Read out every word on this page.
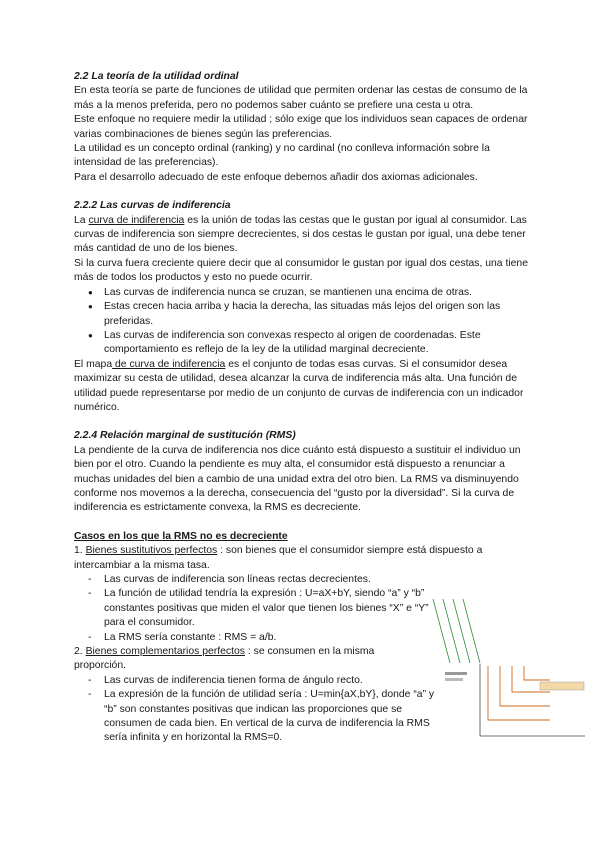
2.2 La teoría de la utilidad ordinal

En esta teoría se parte de funciones de utilidad que permiten ordenar las cestas de consumo de la más a la menos preferida, pero no podemos saber cuánto se prefiere una cesta u otra.

Este enfoque no requiere medir la utilidad ; sólo exige que los individuos sean capaces de ordenar varias combinaciones de bienes según las preferencias.

La utilidad es un concepto ordinal (ranking) y no cardinal (no conlleva información sobre la intensidad de las preferencias).

Para el desarrollo adecuado de este enfoque debemos añadir dos axiomas adicionales.

2.2.2 Las curvas de indiferencia

La curva de indiferencia es la unión de todas las cestas que le gustan por igual al consumidor. Las curvas de indiferencia son siempre decrecientes, si dos cestas le gustan por igual, una debe tener más cantidad de uno de los bienes.

Si la curva fuera creciente quiere decir que al consumidor le gustan por igual dos cestas, una tiene más de todos los productos y esto no puede ocurrir.

● Las curvas de indiferencia nunca se cruzan, se mantienen una encima de otras.
● Estas crecen hacia arriba y hacia la derecha, las situadas más lejos del origen son las preferidas.
● Las curvas de indiferencia son convexas respecto al origen de coordenadas. Este comportamiento es reflejo de la ley de la utilidad marginal decreciente.

El mapa de curva de indiferencia es el conjunto de todas esas curvas. Si el consumidor desea maximizar su cesta de utilidad, desea alcanzar la curva de indiferencia más alta. Una función de utilidad puede representarse por medio de un conjunto de curvas de indiferencia con un indicador numérico.

2.2.4 Relación marginal de sustitución (RMS)

La pendiente de la curva de indiferencia nos dice cuánto está dispuesto a sustituir el individuo un bien por el otro. Cuando la pendiente es muy alta, el consumidor está dispuesto a renunciar a muchas unidades del bien a cambio de una unidad extra del otro bien. La RMS va disminuyendo conforme nos movemos a la derecha, consecuencia del “gusto por la diversidad”. Si la curva de indiferencia es estrictamente convexa, la RMS es decreciente.

Casos en los que la RMS no es decreciente

1. Bienes sustitutivos perfectos : son bienes que el consumidor siempre está dispuesto a intercambiar a la misma tasa.

- Las curvas de indiferencia son líneas rectas decrecientes.
- La función de utilidad tendría la expresión : U=aX+bY, siendo “a” y “b” constantes positivas que miden el valor que tienen los bienes “X” e “Y” para el consumidor.
- La RMS sería constante : RMS = a/b.

2. Bienes complementarios perfectos : se consumen en la misma proporción.

- Las curvas de indiferencia tienen forma de ángulo recto.
- La expresión de la función de utilidad sería : U=min{aX,bY}, donde “a” y “b” son constantes positivas que indican las proporciones que se consumen de cada bien. En vertical de la curva de indiferencia la RMS sería infinita y en horizontal la RMS=0.
